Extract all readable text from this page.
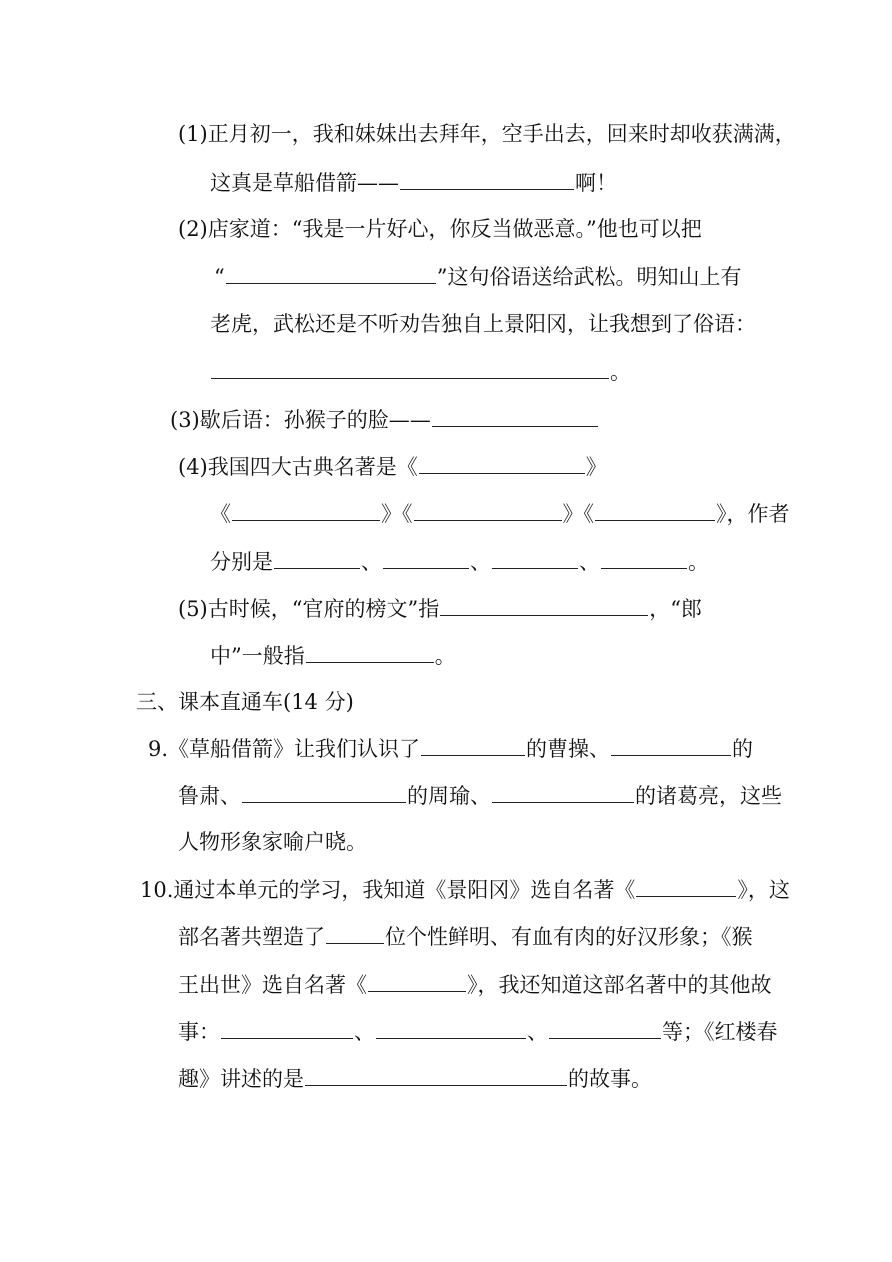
(1)正月初一，我和妹妹出去拜年，空手出去，回来时却收获满满，
这真是草船借箭——	啊！
(2)店家道：“我是一片好心，你反当做恶意。”他也可以把
“	”这句俗语送给武松。明知山上有
老虎，武松还是不听劝告独自上景阳冈，让我想到了俗语：
。
(3)歇后语：孙猴子的脸——
(4)我国四大古典名著是《	》
《	》《	》《	》，作者
分别是	、	、	、	。
(5)古时候，“官府的榜文”指	，“郎
中”一般指	。
三、课本直通车(14 分)
9.《草船借箭》让我们认识了	的曹操、	的
鲁肃、	的周瑜、	的诸葛亮，这些
人物形象家喻户晓。
10.通过本单元的学习，我知道《景阳冈》选自名著《	》，这
部名著共塑造了	位个性鲜明、有血有肉的好汉形象；《猴
王出世》选自名著《	》，我还知道这部名著中的其他故
事：	、	、	等；《红楼春
趣》讲述的是	的故事。
